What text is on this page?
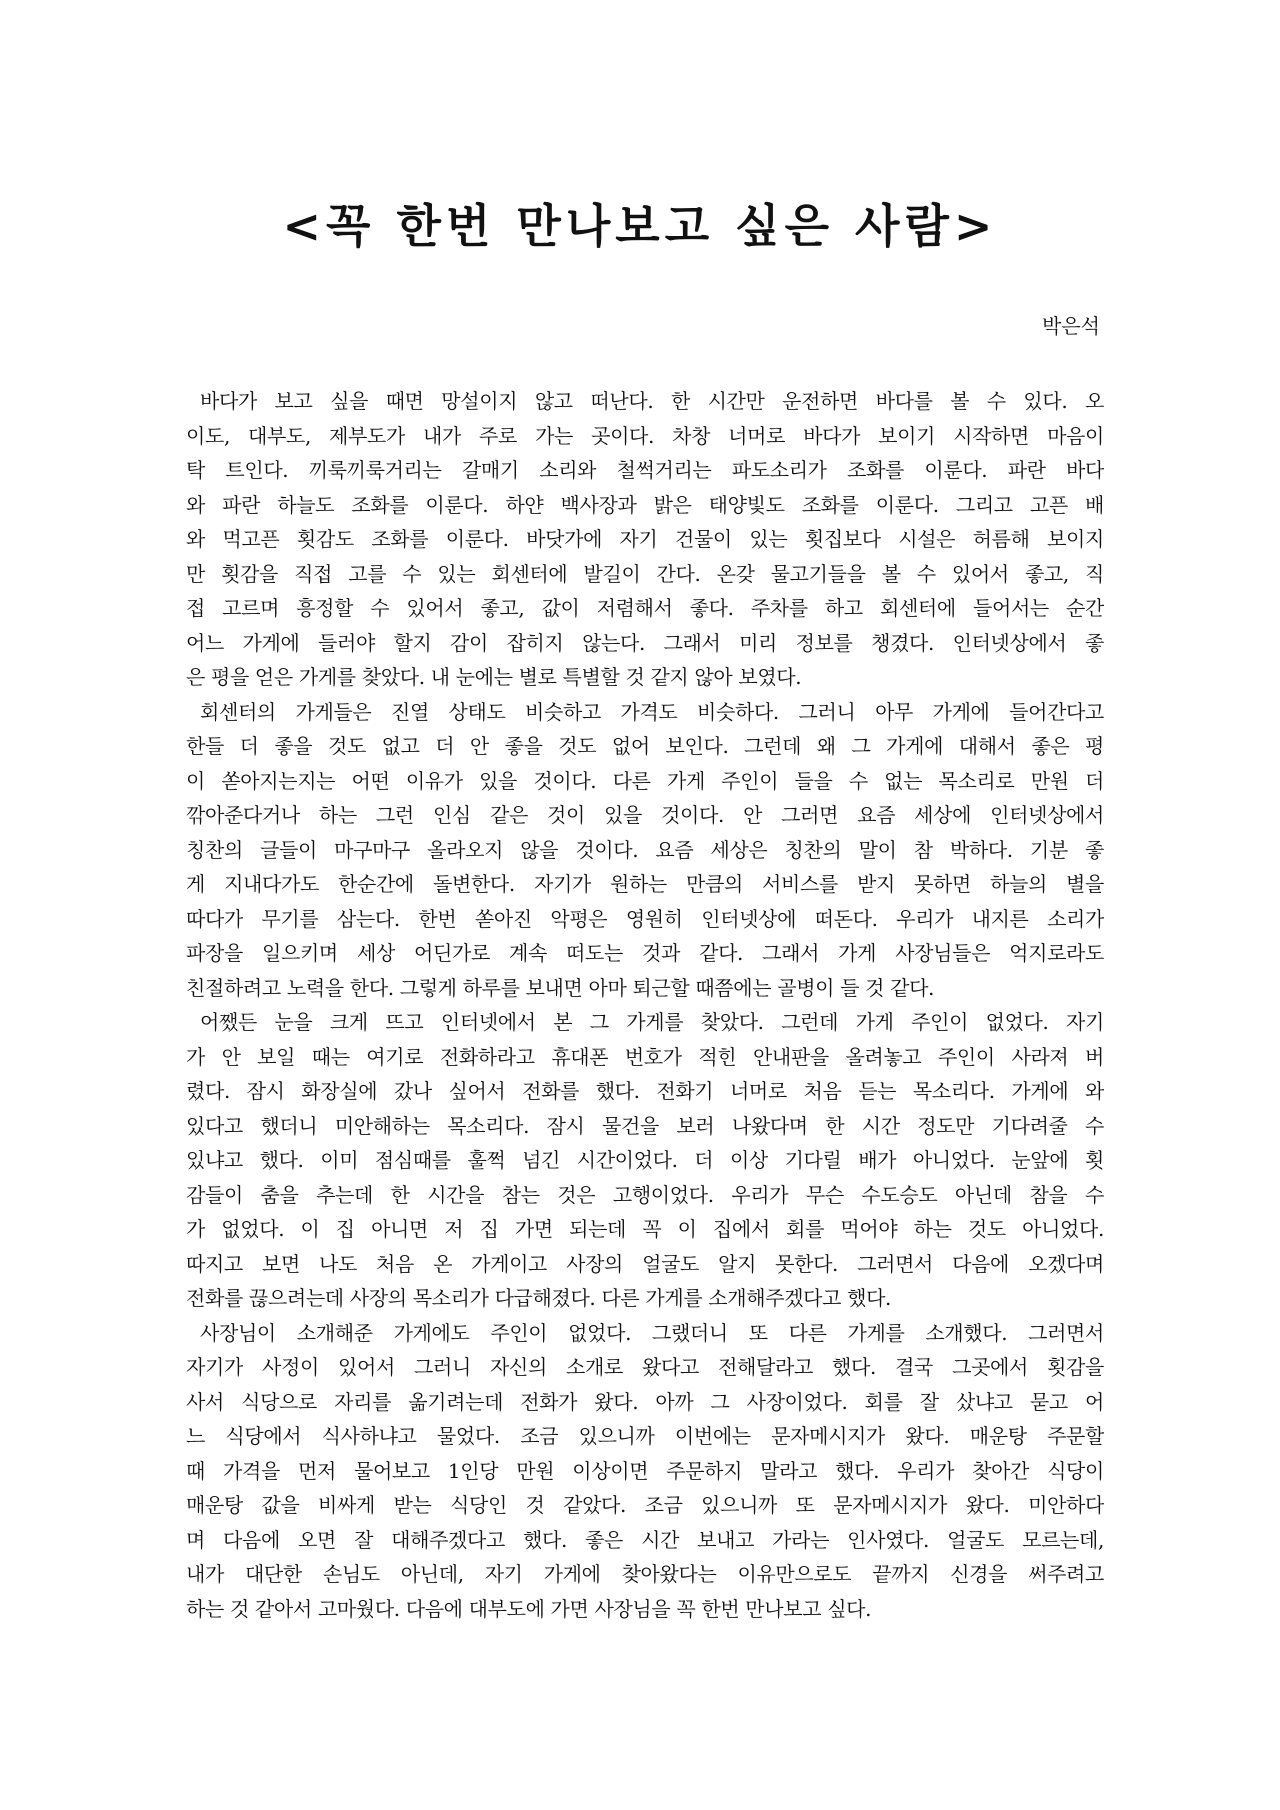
<꼭 한번 만나보고 싶은 사람>

박은석

바다가 보고 싶을 때면 망설이지 않고 떠난다. 한 시간만 운전하면 바다를 볼 수 있다. 오
이도, 대부도, 제부도가 내가 주로 가는 곳이다. 차창 너머로 바다가 보이기 시작하면 마음이
탁 트인다. 끼룩끼룩거리는 갈매기 소리와 철썩거리는 파도소리가 조화를 이룬다. 파란 바다
와 파란 하늘도 조화를 이룬다. 하얀 백사장과 밝은 태양빛도 조화를 이룬다. 그리고 고픈 배
와 먹고픈 횟감도 조화를 이룬다. 바닷가에 자기 건물이 있는 횟집보다 시설은 허름해 보이지
만 횟감을 직접 고를 수 있는 회센터에 발길이 간다. 온갖 물고기들을 볼 수 있어서 좋고, 직
접 고르며 흥정할 수 있어서 좋고, 값이 저렴해서 좋다. 주차를 하고 회센터에 들어서는 순간
어느 가게에 들러야 할지 감이 잡히지 않는다. 그래서 미리 정보를 챙겼다. 인터넷상에서 좋
은 평을 얻은 가게를 찾았다. 내 눈에는 별로 특별할 것 같지 않아 보였다.
회센터의 가게들은 진열 상태도 비슷하고 가격도 비슷하다. 그러니 아무 가게에 들어간다고
한들 더 좋을 것도 없고 더 안 좋을 것도 없어 보인다. 그런데 왜 그 가게에 대해서 좋은 평
이 쏟아지는지는 어떤 이유가 있을 것이다. 다른 가게 주인이 들을 수 없는 목소리로 만원 더
깎아준다거나 하는 그런 인심 같은 것이 있을 것이다. 안 그러면 요즘 세상에 인터넷상에서
칭찬의 글들이 마구마구 올라오지 않을 것이다. 요즘 세상은 칭찬의 말이 참 박하다. 기분 좋
게 지내다가도 한순간에 돌변한다. 자기가 원하는 만큼의 서비스를 받지 못하면 하늘의 별을
따다가 무기를 삼는다. 한번 쏟아진 악평은 영원히 인터넷상에 떠돈다. 우리가 내지른 소리가
파장을 일으키며 세상 어딘가로 계속 떠도는 것과 같다. 그래서 가게 사장님들은 억지로라도
친절하려고 노력을 한다. 그렇게 하루를 보내면 아마 퇴근할 때쯤에는 골병이 들 것 같다.
어쨌든 눈을 크게 뜨고 인터넷에서 본 그 가게를 찾았다. 그런데 가게 주인이 없었다. 자기
가 안 보일 때는 여기로 전화하라고 휴대폰 번호가 적힌 안내판을 올려놓고 주인이 사라져 버
렸다. 잠시 화장실에 갔나 싶어서 전화를 했다. 전화기 너머로 처음 듣는 목소리다. 가게에 와
있다고 했더니 미안해하는 목소리다. 잠시 물건을 보러 나왔다며 한 시간 정도만 기다려줄 수
있냐고 했다. 이미 점심때를 훌쩍 넘긴 시간이었다. 더 이상 기다릴 배가 아니었다. 눈앞에 횟
감들이 춤을 추는데 한 시간을 참는 것은 고행이었다. 우리가 무슨 수도승도 아닌데 참을 수
가 없었다. 이 집 아니면 저 집 가면 되는데 꼭 이 집에서 회를 먹어야 하는 것도 아니었다.
따지고 보면 나도 처음 온 가게이고 사장의 얼굴도 알지 못한다. 그러면서 다음에 오겠다며
전화를 끊으려는데 사장의 목소리가 다급해졌다. 다른 가게를 소개해주겠다고 했다.
사장님이 소개해준 가게에도 주인이 없었다. 그랬더니 또 다른 가게를 소개했다. 그러면서
자기가 사정이 있어서 그러니 자신의 소개로 왔다고 전해달라고 했다. 결국 그곳에서 횟감을
사서 식당으로 자리를 옮기려는데 전화가 왔다. 아까 그 사장이었다. 회를 잘 샀냐고 묻고 어
느 식당에서 식사하냐고 물었다. 조금 있으니까 이번에는 문자메시지가 왔다. 매운탕 주문할
때 가격을 먼저 물어보고 1인당 만원 이상이면 주문하지 말라고 했다. 우리가 찾아간 식당이
매운탕 값을 비싸게 받는 식당인 것 같았다. 조금 있으니까 또 문자메시지가 왔다. 미안하다
며 다음에 오면 잘 대해주겠다고 했다. 좋은 시간 보내고 가라는 인사였다. 얼굴도 모르는데,
내가 대단한 손님도 아닌데, 자기 가게에 찾아왔다는 이유만으로도 끝까지 신경을 써주려고
하는 것 같아서 고마웠다. 다음에 대부도에 가면 사장님을 꼭 한번 만나보고 싶다.
